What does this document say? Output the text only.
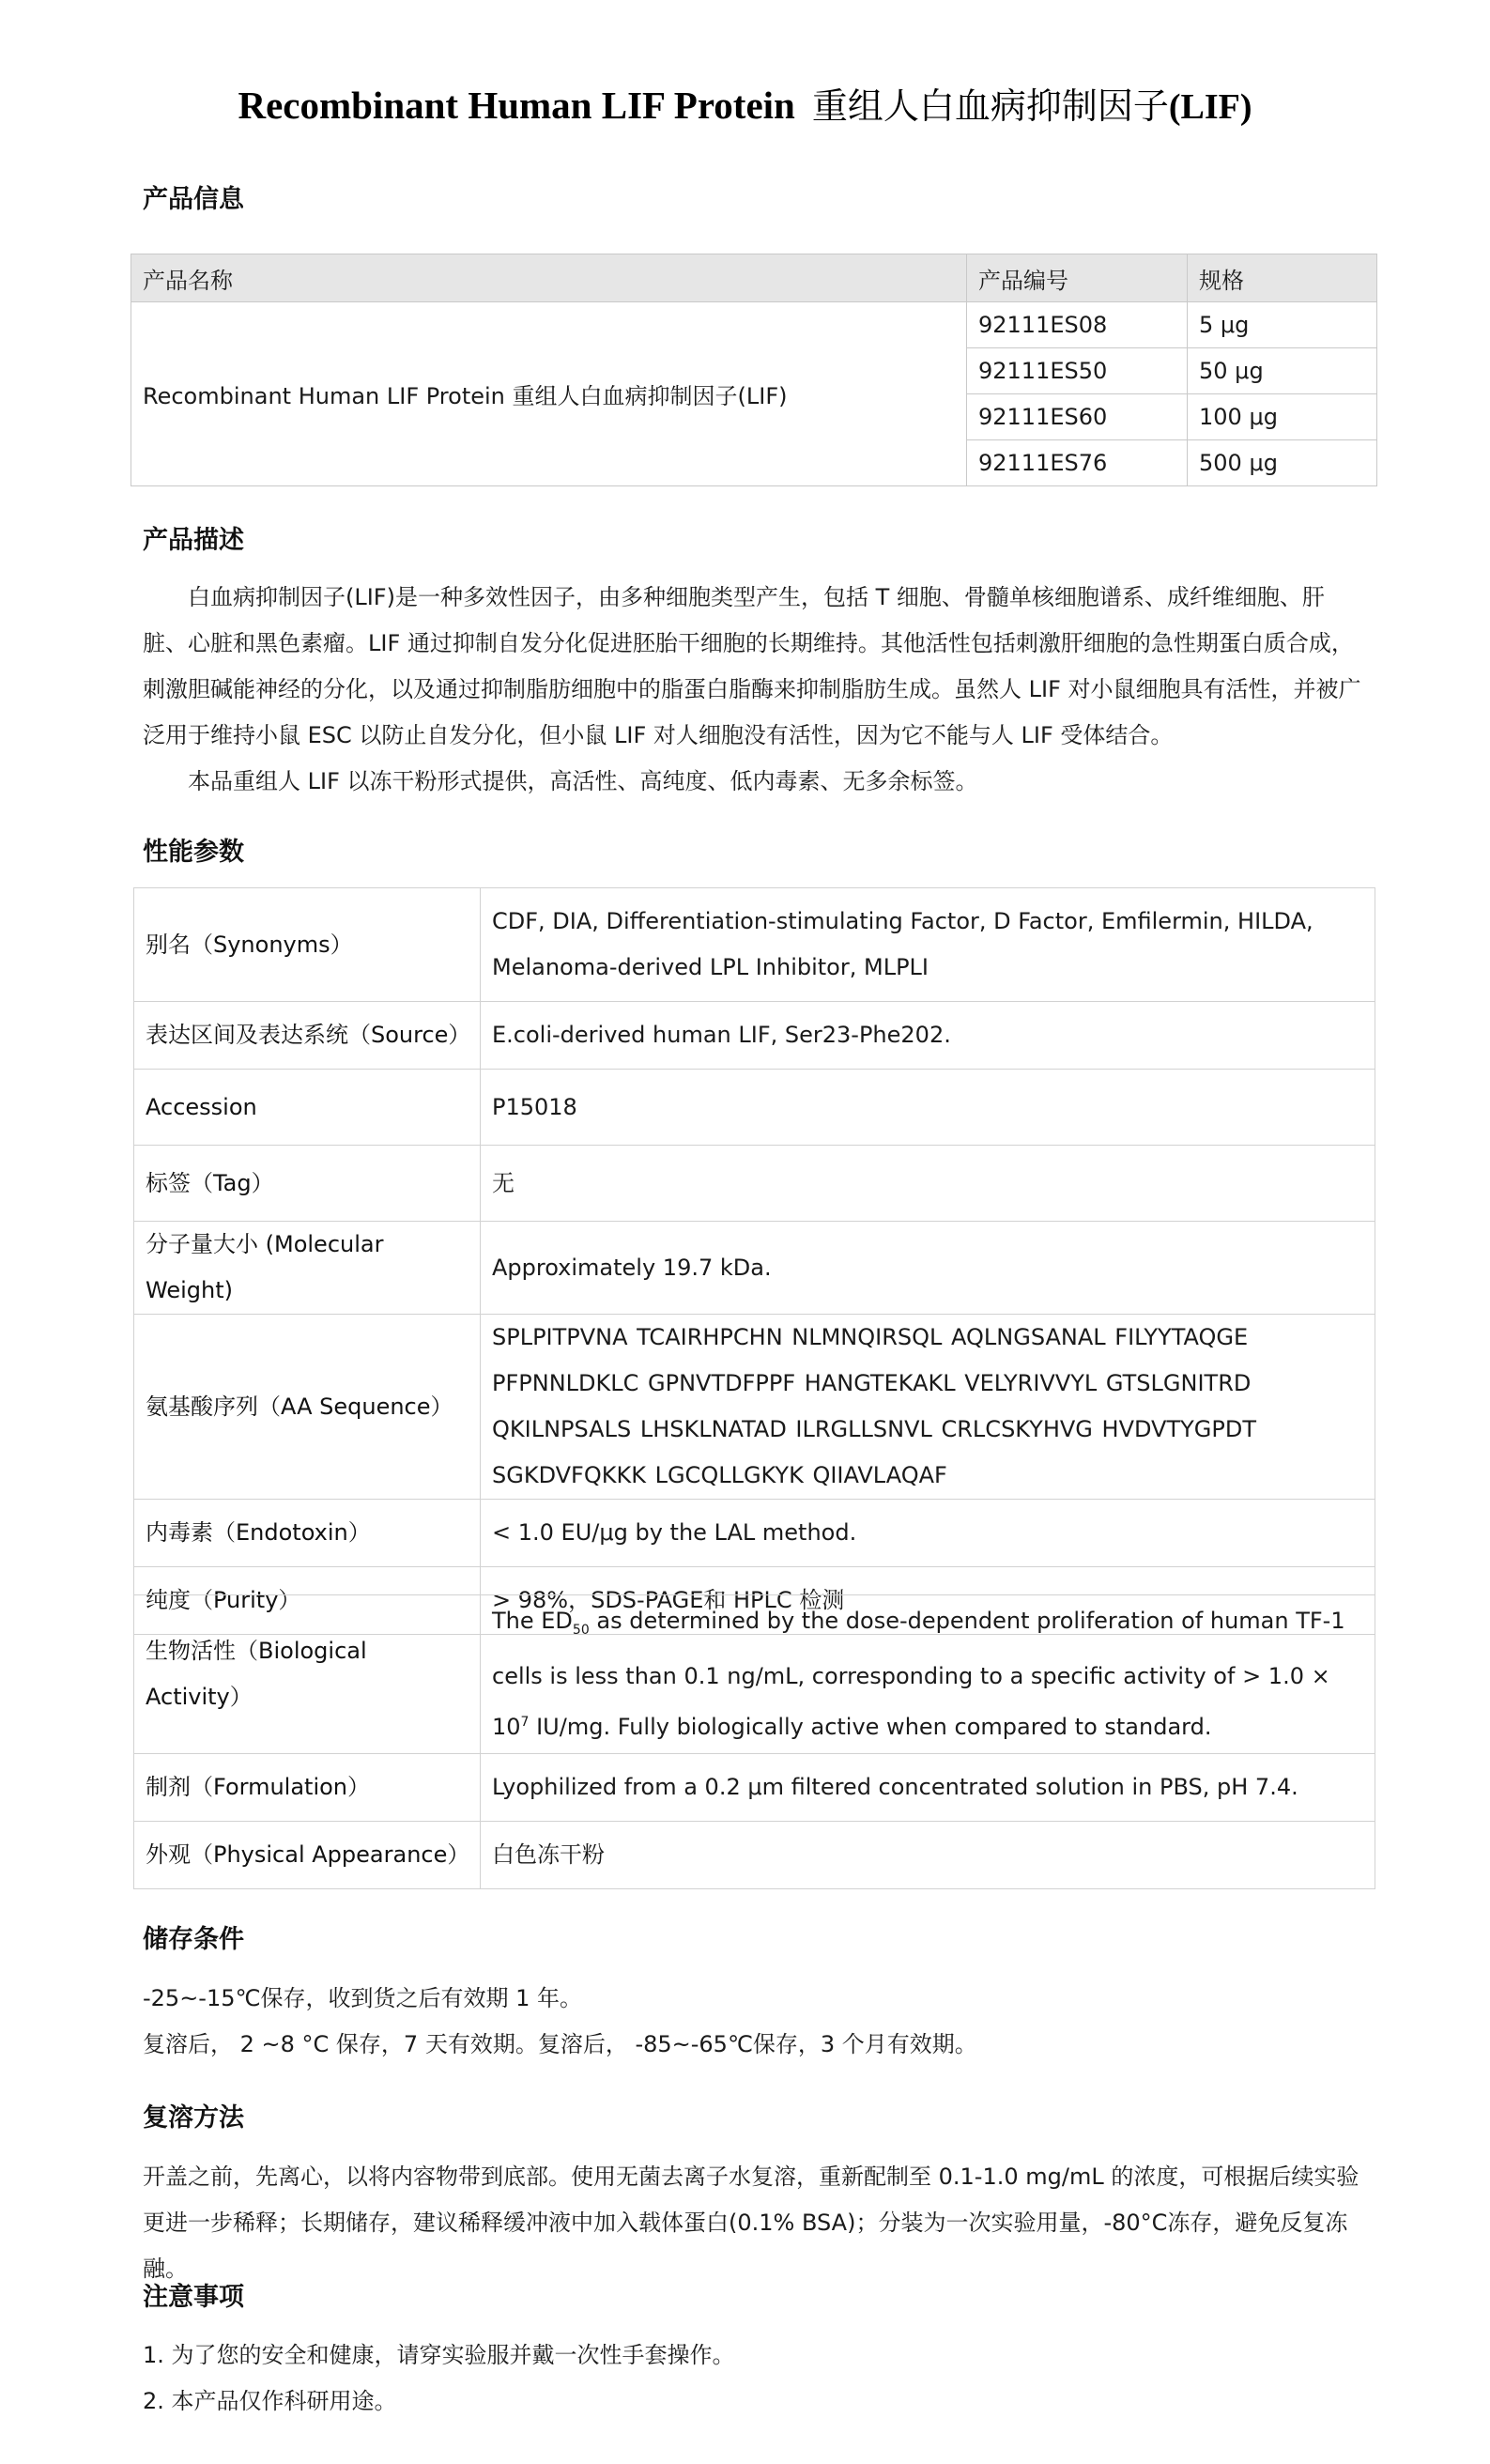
Recombinant Human LIF Protein 重组人白血病抑制因子(LIF)
产品信息
产品名称	产品编号	规格
Recombinant Human LIF Protein 重组人白血病抑制因子(LIF)	92111ES08	5 μg
	92111ES50	50 μg
	92111ES60	100 μg
	92111ES76	500 μg
产品描述
白血病抑制因子(LIF)是一种多效性因子，由多种细胞类型产生，包括 T 细胞、骨髓单核细胞谱系、成纤维细胞、肝脏、心脏和黑色素瘤。LIF 通过抑制自发分化促进胚胎干细胞的长期维持。其他活性包括刺激肝细胞的急性期蛋白质合成，刺激胆碱能神经的分化，以及通过抑制脂肪细胞中的脂蛋白脂酶来抑制脂肪生成。虽然人 LIF 对小鼠细胞具有活性，并被广泛用于维持小鼠 ESC 以防止自发分化，但小鼠 LIF 对人细胞没有活性，因为它不能与人 LIF 受体结合。
本品重组人 LIF 以冻干粉形式提供，高活性、高纯度、低内毒素、无多余标签。
性能参数
别名（Synonyms）	CDF, DIA, Differentiation-stimulating Factor, D Factor, Emfilermin, HILDA, Melanoma-derived LPL Inhibitor, MLPLI
表达区间及表达系统（Source）	E.coli-derived human LIF, Ser23-Phe202.
Accession	P15018
标签（Tag）	无
分子量大小 (Molecular Weight)	Approximately 19.7 kDa.
氨基酸序列（AA Sequence）	SPLPITPVNA TCAIRHPCHN NLMNQIRSQL AQLNGSANAL FILYYTAQGE PFPNNLDKLC GPNVTDFPPF HANGTEKAKL VELYRIVVYL GTSLGNITRD QKILNPSALS LHSKLNATAD ILRGLLSNVL CRLCSKYHVG HVDVTYGPDT SGKDVFQKKK LGCQLLGKYK QIIAVLAQAF
内毒素（Endotoxin）	< 1.0 EU/μg by the LAL method.
纯度（Purity）	> 98%，SDS-PAGE和 HPLC 检测
生物活性（Biological Activity）	The $ED_{50}$ as determined by the dose-dependent proliferation of human TF-1 cells is less than 0.1 ng/mL, corresponding to a specific activity of > $1.0 \times 10^7$ IU/mg. Fully biologically active when compared to standard.
制剂（Formulation）	Lyophilized from a 0.2 μm filtered concentrated solution in PBS, pH 7.4.
外观（Physical Appearance）	白色冻干粉
储存条件
-25~-15℃保存，收到货之后有效期 1 年。
复溶后， 2 ~8 °C 保存，7 天有效期。复溶后， -85~-65℃保存，3 个月有效期。
复溶方法
开盖之前，先离心，以将内容物带到底部。使用无菌去离子水复溶，重新配制至 0.1-1.0 mg/mL 的浓度，可根据后续实验更进一步稀释；长期储存，建议稀释缓冲液中加入载体蛋白(0.1% BSA)；分装为一次实验用量，-80°C冻存，避免反复冻融。
注意事项
1. 为了您的安全和健康，请穿实验服并戴一次性手套操作。
2. 本产品仅作科研用途。
